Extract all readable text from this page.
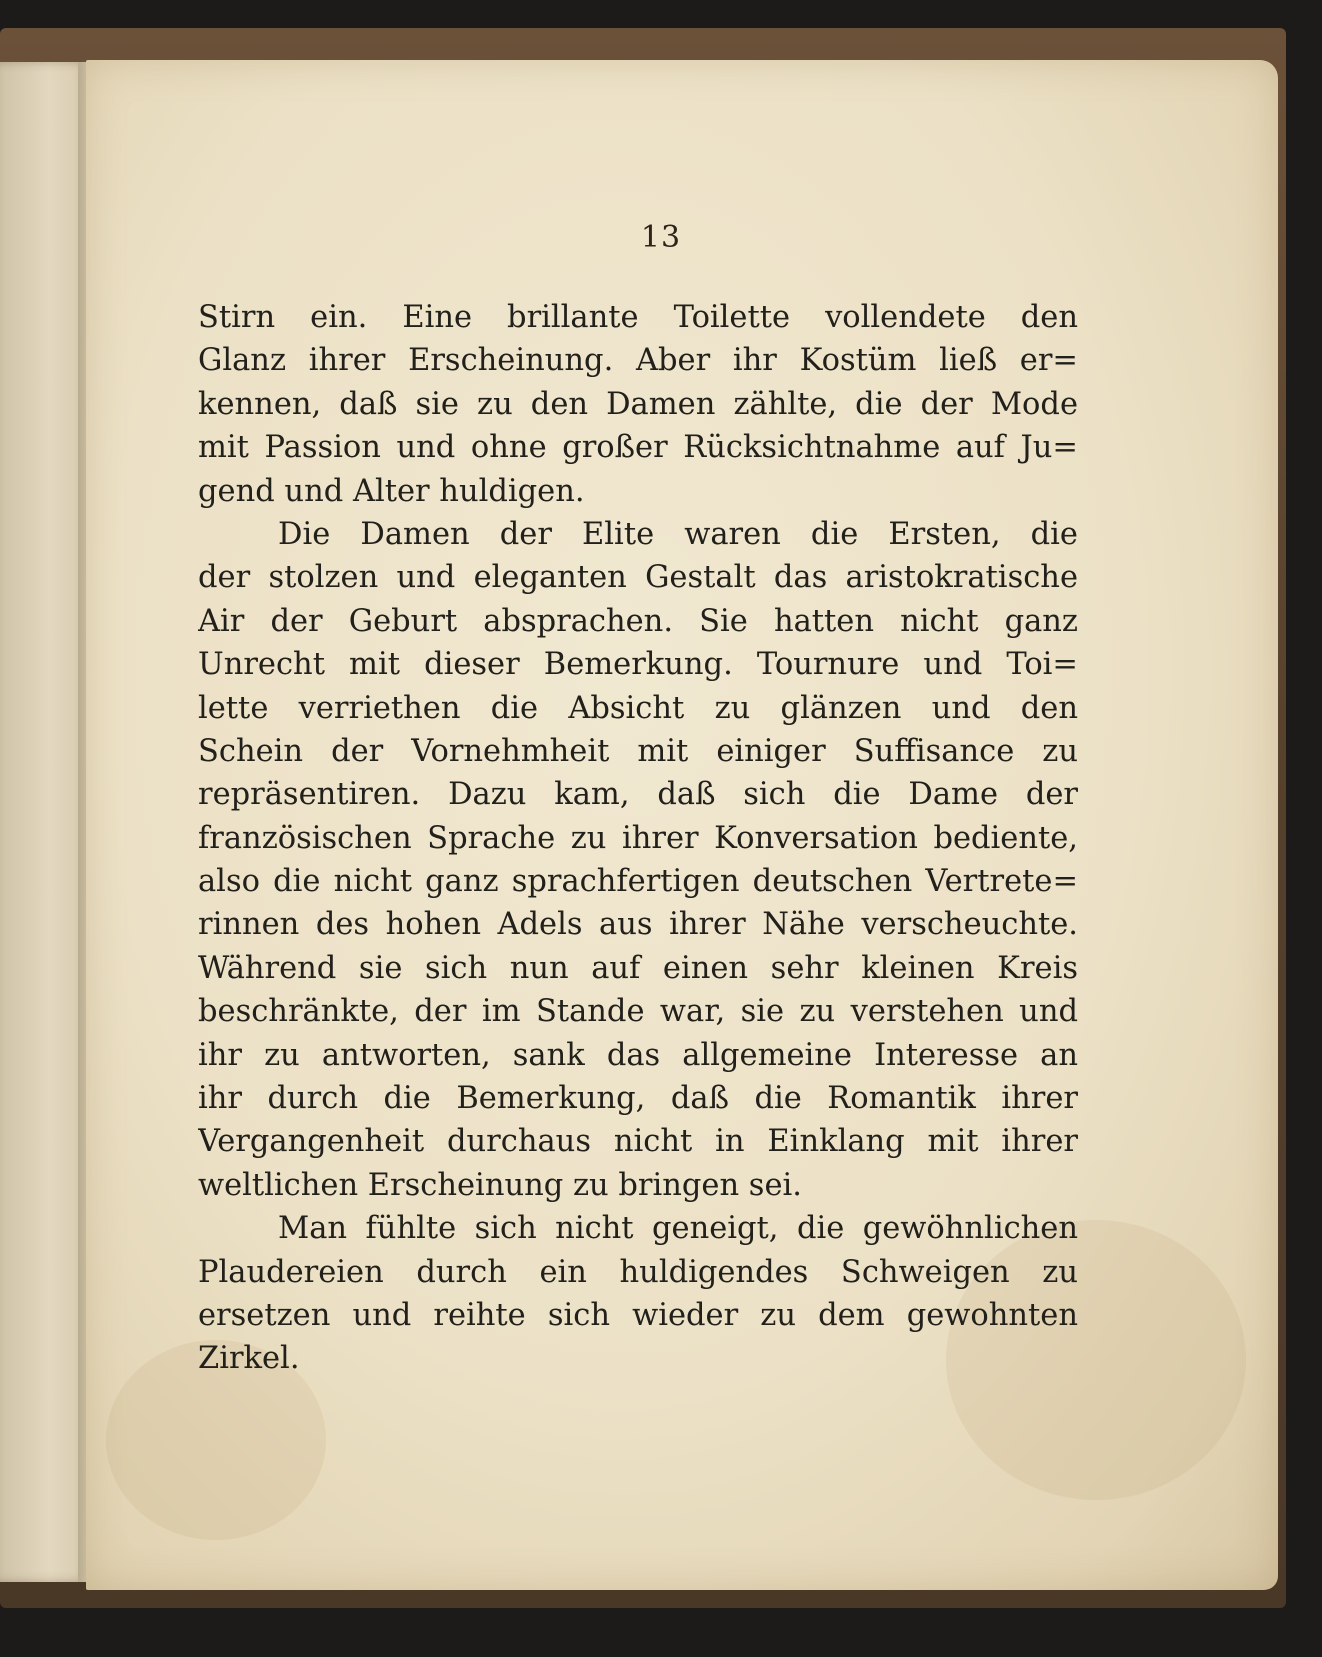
13
Stirn ein. Eine brillante Toilette vollendete den
Glanz ihrer Erscheinung. Aber ihr Kostüm ließ er=
kennen, daß sie zu den Damen zählte, die der Mode
mit Passion und ohne großer Rücksichtnahme auf Ju=
gend und Alter huldigen.
Die Damen der Elite waren die Ersten, die
der stolzen und eleganten Gestalt das aristokratische
Air der Geburt absprachen. Sie hatten nicht ganz
Unrecht mit dieser Bemerkung. Tournure und Toi=
lette verriethen die Absicht zu glänzen und den
Schein der Vornehmheit mit einiger Suffisance zu
repräsentiren. Dazu kam, daß sich die Dame der
französischen Sprache zu ihrer Konversation bediente,
also die nicht ganz sprachfertigen deutschen Vertrete=
rinnen des hohen Adels aus ihrer Nähe verscheuchte.
Während sie sich nun auf einen sehr kleinen Kreis
beschränkte, der im Stande war, sie zu verstehen und
ihr zu antworten, sank das allgemeine Interesse an
ihr durch die Bemerkung, daß die Romantik ihrer
Vergangenheit durchaus nicht in Einklang mit ihrer
weltlichen Erscheinung zu bringen sei.
Man fühlte sich nicht geneigt, die gewöhnlichen
Plaudereien durch ein huldigendes Schweigen zu
ersetzen und reihte sich wieder zu dem gewohnten
Zirkel.
